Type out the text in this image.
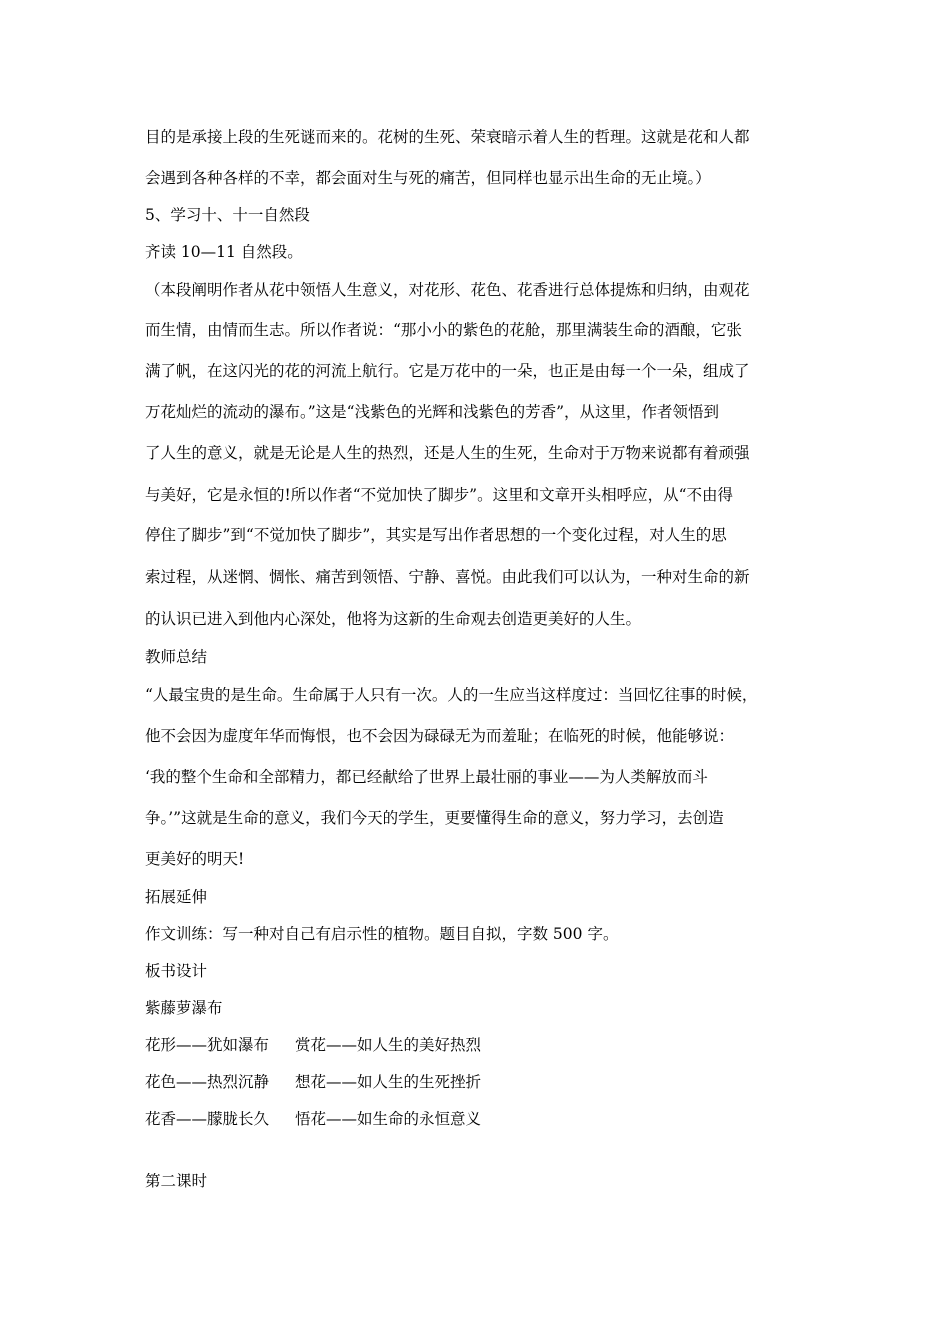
目的是承接上段的生死谜而来的。花树的生死、荣衰暗示着人生的哲理。这就是花和人都
会遇到各种各样的不幸，都会面对生与死的痛苦，但同样也显示出生命的无止境。）
5、学习十、十一自然段
齐读 10—11 自然段。
（本段阐明作者从花中领悟人生意义，对花形、花色、花香进行总体提炼和归纳，由观花
而生情，由情而生志。所以作者说：“那小小的紫色的花舱，那里满装生命的酒酿，它张
满了帆，在这闪光的花的河流上航行。它是万花中的一朵，也正是由每一个一朵，组成了
万花灿烂的流动的瀑布。”这是“浅紫色的光辉和浅紫色的芳香”，从这里，作者领悟到
了人生的意义，就是无论是人生的热烈，还是人生的生死，生命对于万物来说都有着顽强
与美好，它是永恒的!所以作者“不觉加快了脚步”。这里和文章开头相呼应，从“不由得
停住了脚步”到“不觉加快了脚步”，其实是写出作者思想的一个变化过程，对人生的思
索过程，从迷惘、惆怅、痛苦到领悟、宁静、喜悦。由此我们可以认为，一种对生命的新
的认识已进入到他内心深处，他将为这新的生命观去创造更美好的人生。
教师总结
“人最宝贵的是生命。生命属于人只有一次。人的一生应当这样度过：当回忆往事的时候，
他不会因为虚度年华而悔恨，也不会因为碌碌无为而羞耻；在临死的时候，他能够说：
‘我的整个生命和全部精力，都已经献给了世界上最壮丽的事业——为人类解放而斗
争。’”这就是生命的意义，我们今天的学生，更要懂得生命的意义，努力学习，去创造
更美好的明天!
拓展延伸
作文训练：写一种对自己有启示性的植物。题目自拟，字数 500 字。
板书设计
紫藤萝瀑布
花形——犹如瀑布 赏花——如人生的美好热烈
花色——热烈沉静 想花——如人生的生死挫折
花香——朦胧长久 悟花——如生命的永恒意义
第二课时
